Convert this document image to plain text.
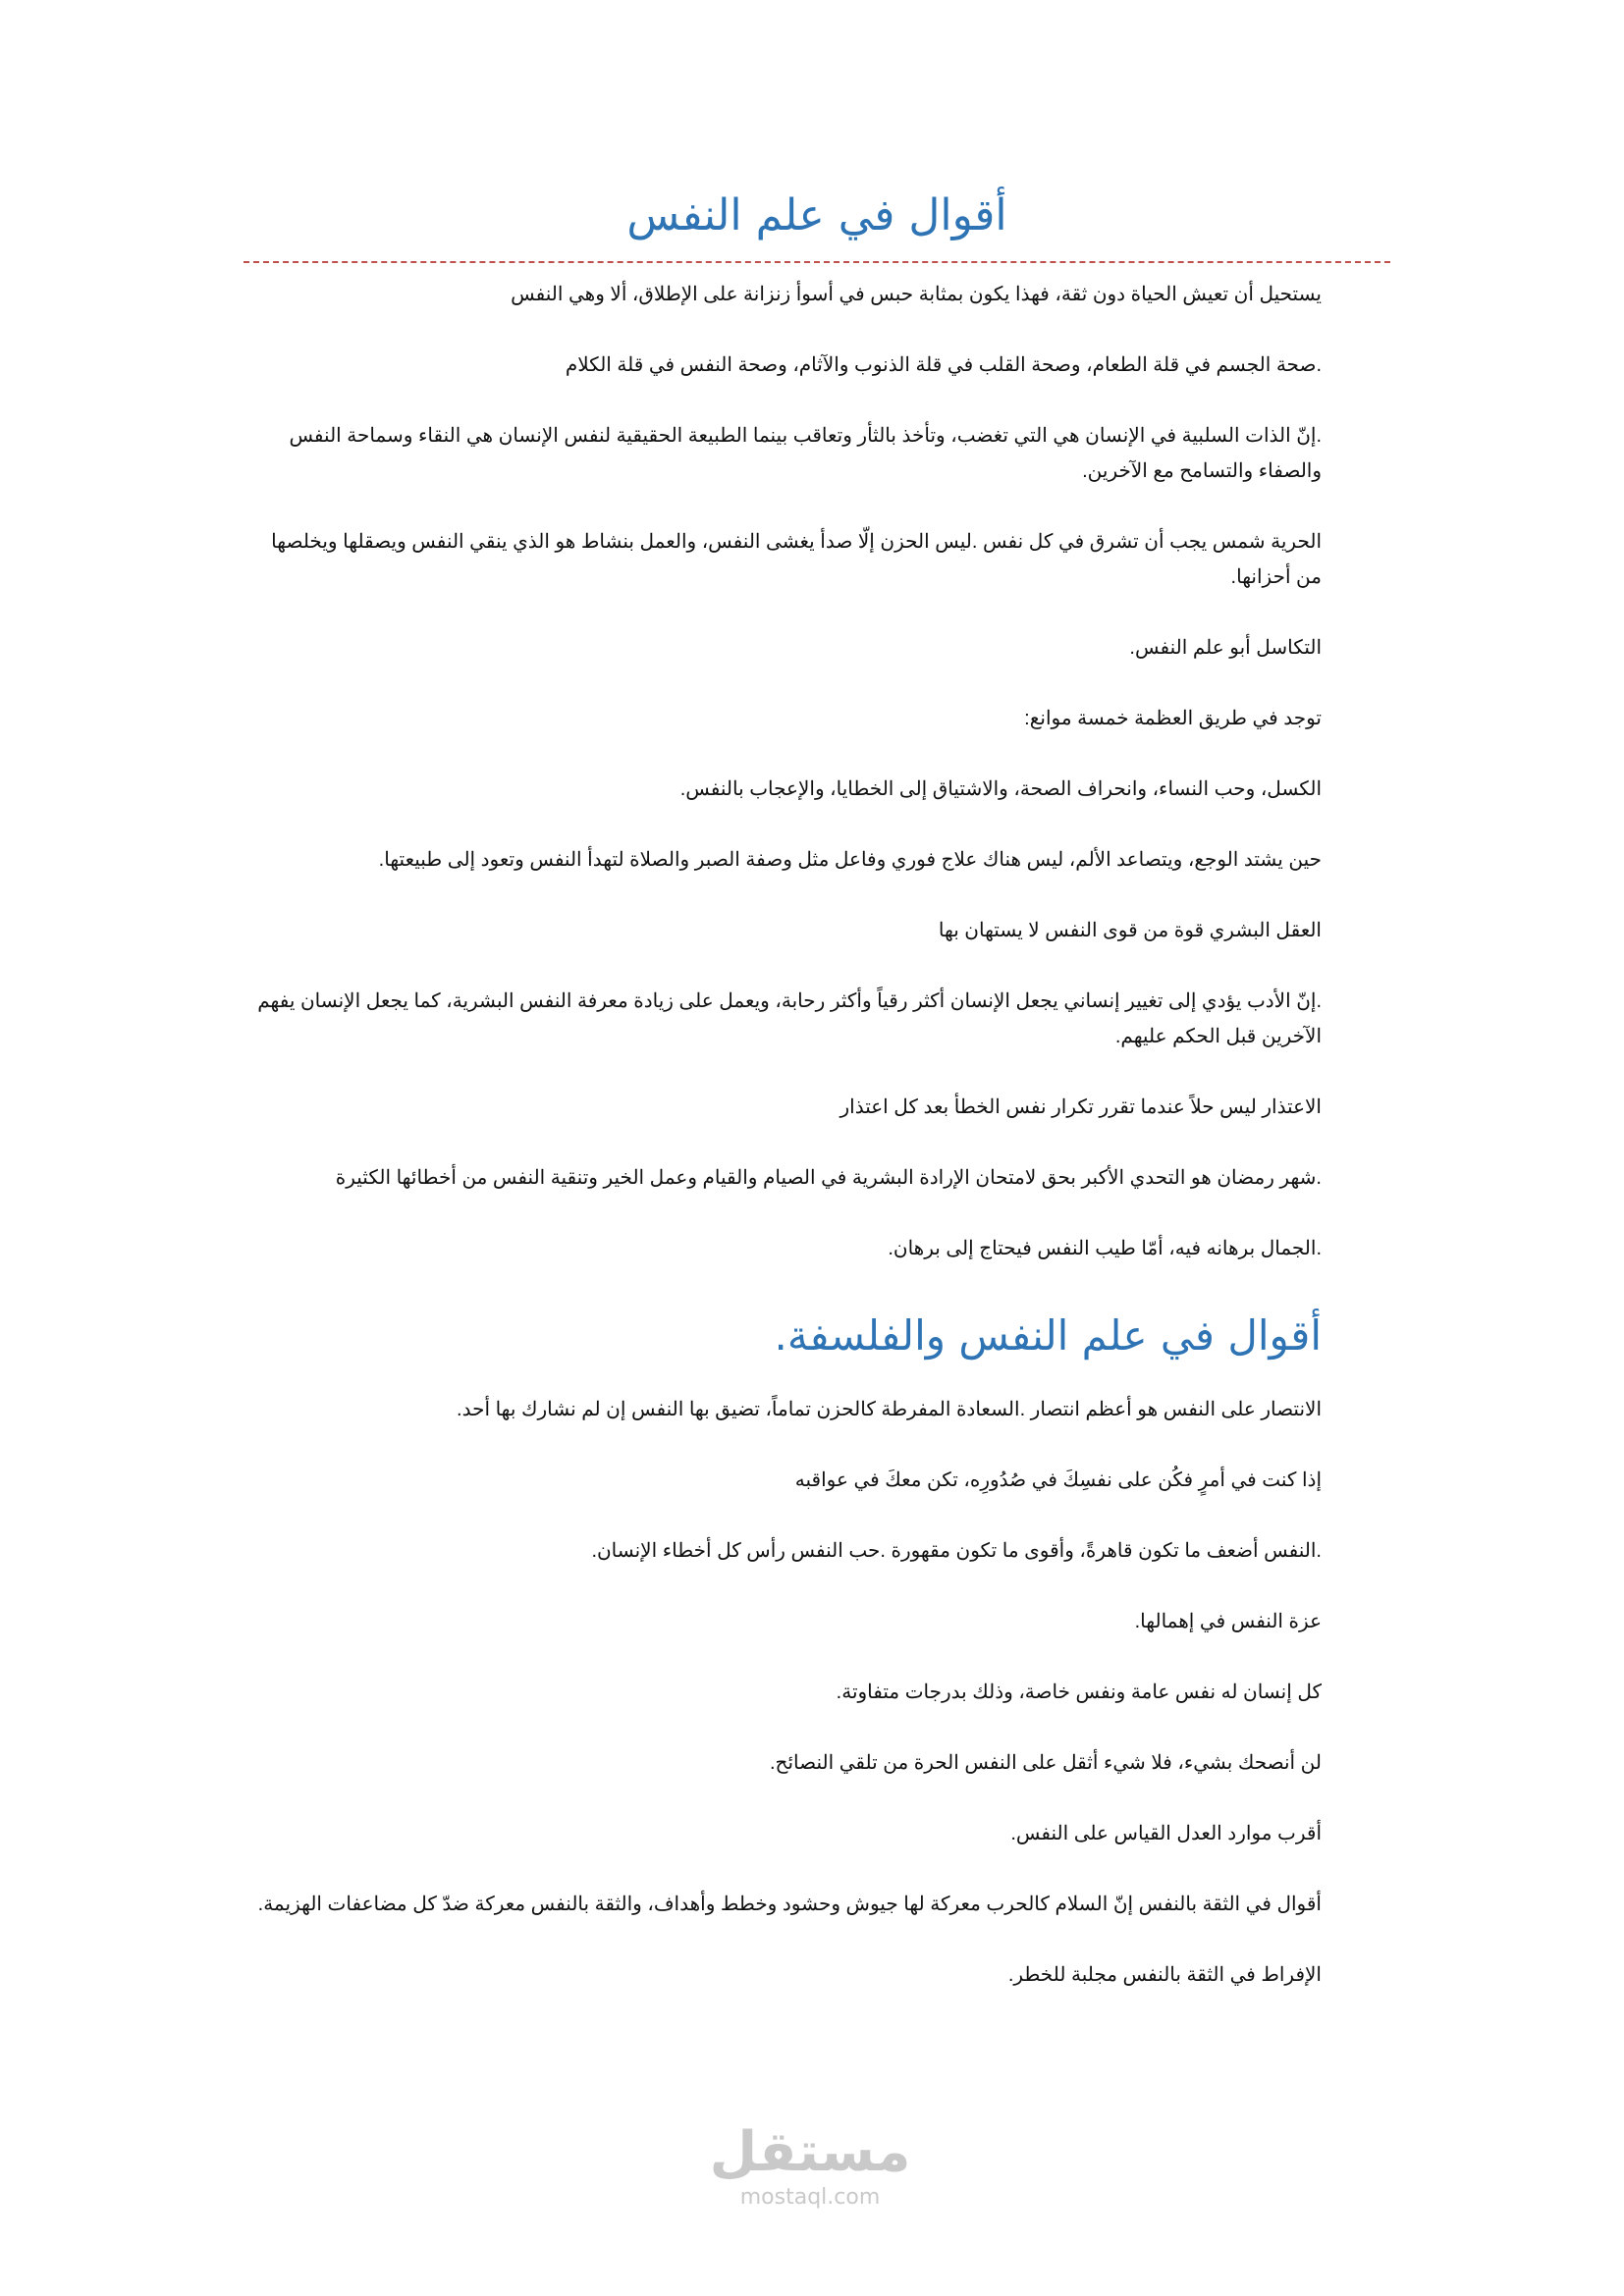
أقوال في علم النفس

يستحيل أن تعيش الحياة دون ثقة، فهذا يكون بمثابة حبس في أسوأ زنزانة على الإطلاق، ألا وهي النفس

.صحة الجسم في قلة الطعام، وصحة القلب في قلة الذنوب والآثام، وصحة النفس في قلة الكلام

.إنّ الذات السلبية في الإنسان هي التي تغضب، وتأخذ بالثأر وتعاقب بينما الطبيعة الحقيقية لنفس الإنسان هي النقاء وسماحة النفس والصفاء والتسامح مع الآخرين.

الحرية شمس يجب أن تشرق في كل نفس .ليس الحزن إلّا صدأ يغشى النفس، والعمل بنشاط هو الذي ينقي النفس ويصقلها ويخلصها من أحزانها.

التكاسل أبو علم النفس.

توجد في طريق العظمة خمسة موانع:

الكسل، وحب النساء، وانحراف الصحة، والاشتياق إلى الخطايا، والإعجاب بالنفس.

حين يشتد الوجع، ويتصاعد الألم، ليس هناك علاج فوري وفاعل مثل وصفة الصبر والصلاة لتهدأ النفس وتعود إلى طبيعتها.

العقل البشري قوة من قوى النفس لا يستهان بها

.إنّ الأدب يؤدي إلى تغيير إنساني يجعل الإنسان أكثر رقياً وأكثر رحابة، ويعمل على زيادة معرفة النفس البشرية، كما يجعل الإنسان يفهم الآخرين قبل الحكم عليهم.

الاعتذار ليس حلاً عندما تقرر تكرار نفس الخطأ بعد كل اعتذار

.شهر رمضان هو التحدي الأكبر بحق لامتحان الإرادة البشرية في الصيام والقيام وعمل الخير وتنقية النفس من أخطائها الكثيرة

.الجمال برهانه فيه، أمّا طيب النفس فيحتاج إلى برهان.

أقوال في علم النفس والفلسفة.

الانتصار على النفس هو أعظم انتصار .السعادة المفرطة كالحزن تماماً، تضيق بها النفس إن لم نشارك بها أحد.

إذا كنت في أمرٍ فكُن على نفسِكَ في صُدُورِه، تكن معكَ في عواقبه

.النفس أضعف ما تكون قاهرةً، وأقوى ما تكون مقهورة .حب النفس رأس كل أخطاء الإنسان.

عزة النفس في إهمالها.

كل إنسان له نفس عامة ونفس خاصة، وذلك بدرجات متفاوتة.

لن أنصحك بشيء، فلا شيء أثقل على النفس الحرة من تلقي النصائح.

أقرب موارد العدل القياس على النفس.

أقوال في الثقة بالنفس إنّ السلام كالحرب معركة لها جيوش وحشود وخطط وأهداف، والثقة بالنفس معركة ضدّ كل مضاعفات الهزيمة.

الإفراط في الثقة بالنفس مجلبة للخطر.

مستقل
mostaql.com
